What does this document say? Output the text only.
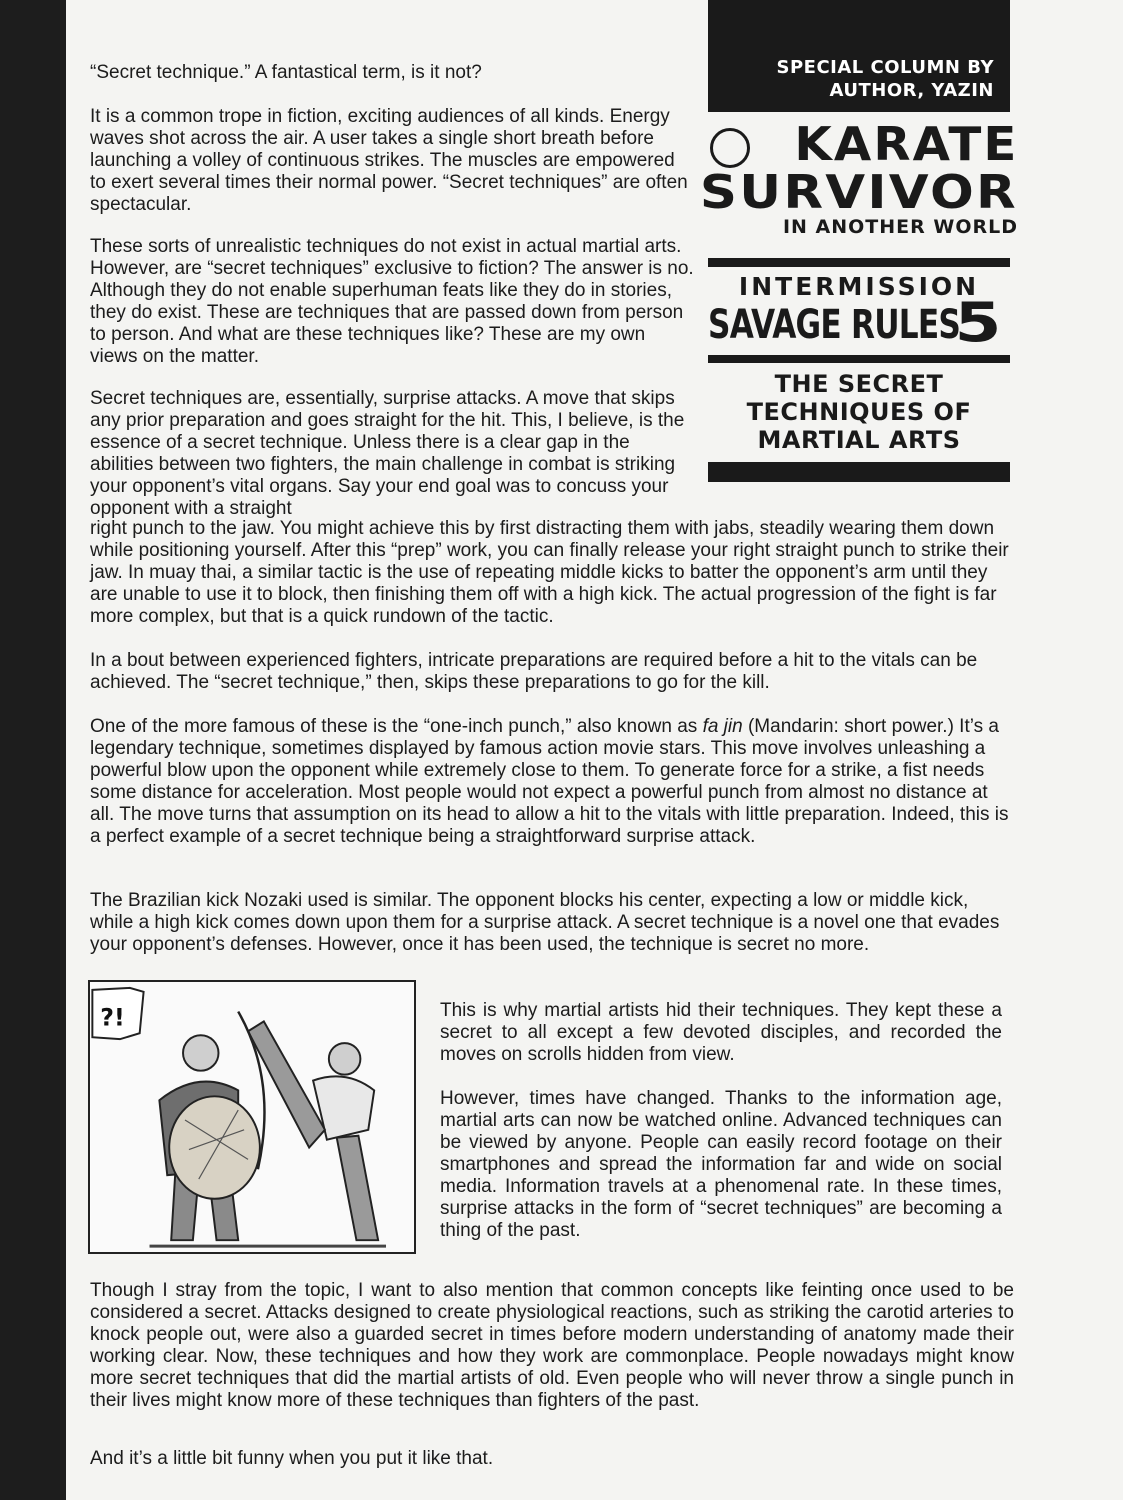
SPECIAL COLUMN BY
AUTHOR, YAZIN
KARATE
SURVIVOR
IN ANOTHER WORLD
INTERMISSION
SAVAGE RULES
5
THE SECRET
TECHNIQUES OF
MARTIAL ARTS

“Secret technique.” A fantastical term, is it not?

It is a common trope in fiction, exciting audiences of all kinds. Energy waves shot across the air. A user takes a single short breath before launching a volley of continuous strikes. The muscles are empowered to exert several times their normal power. “Secret techniques” are often spectacular.

These sorts of unrealistic techniques do not exist in actual martial arts. However, are “secret techniques” exclusive to fiction? The answer is no. Although they do not enable superhuman feats like they do in stories, they do exist. These are techniques that are passed down from person to person. And what are these techniques like? These are my own views on the matter.

Secret techniques are, essentially, surprise attacks. A move that skips any prior preparation and goes straight for the hit. This, I believe, is the essence of a secret technique. Unless there is a clear gap in the abilities between two fighters, the main challenge in combat is striking your opponent’s vital organs. Say your end goal was to concuss your opponent with a straight

right punch to the jaw. You might achieve this by first distracting them with jabs, steadily wearing them down while positioning yourself. After this “prep” work, you can finally release your right straight punch to strike their jaw. In muay thai, a similar tactic is the use of repeating middle kicks to batter the opponent’s arm until they are unable to use it to block, then finishing them off with a high kick. The actual progression of the fight is far more complex, but that is a quick rundown of the tactic.

In a bout between experienced fighters, intricate preparations are required before a hit to the vitals can be achieved. The “secret technique,” then, skips these preparations to go for the kill.

One of the more famous of these is the “one-inch punch,” also known as fa jin (Mandarin: short power.) It’s a legendary technique, sometimes displayed by famous action movie stars. This move involves unleashing a powerful blow upon the opponent while extremely close to them. To generate force for a strike, a fist needs some distance for acceleration. Most people would not expect a powerful punch from almost no distance at all. The move turns that assumption on its head to allow a hit to the vitals with little preparation. Indeed, this is a perfect example of a secret technique being a straightforward surprise attack.

The Brazilian kick Nozaki used is similar. The opponent blocks his center, expecting a low or middle kick, while a high kick comes down upon them for a surprise attack. A secret technique is a novel one that evades your opponent’s defenses. However, once it has been used, the technique is secret no more.

?!	This is why martial artists hid their techniques. They kept these a secret to all except a few devoted disciples, and recorded the moves on scrolls hidden from view.

However, times have changed. Thanks to the information age, martial arts can now be watched online. Advanced techniques can be viewed by anyone. People can easily record footage on their smartphones and spread the information far and wide on social media. Information travels at a phenomenal rate. In these times, surprise attacks in the form of “secret techniques” are becoming a thing of the past.

Though I stray from the topic, I want to also mention that common concepts like feinting once used to be considered a secret. Attacks designed to create physiological reactions, such as striking the carotid arteries to knock people out, were also a guarded secret in times before modern understanding of anatomy made their working clear. Now, these techniques and how they work are commonplace. People nowadays might know more secret techniques that did the martial artists of old. Even people who will never throw a single punch in their lives might know more of these techniques than fighters of the past.

And it’s a little bit funny when you put it like that.
